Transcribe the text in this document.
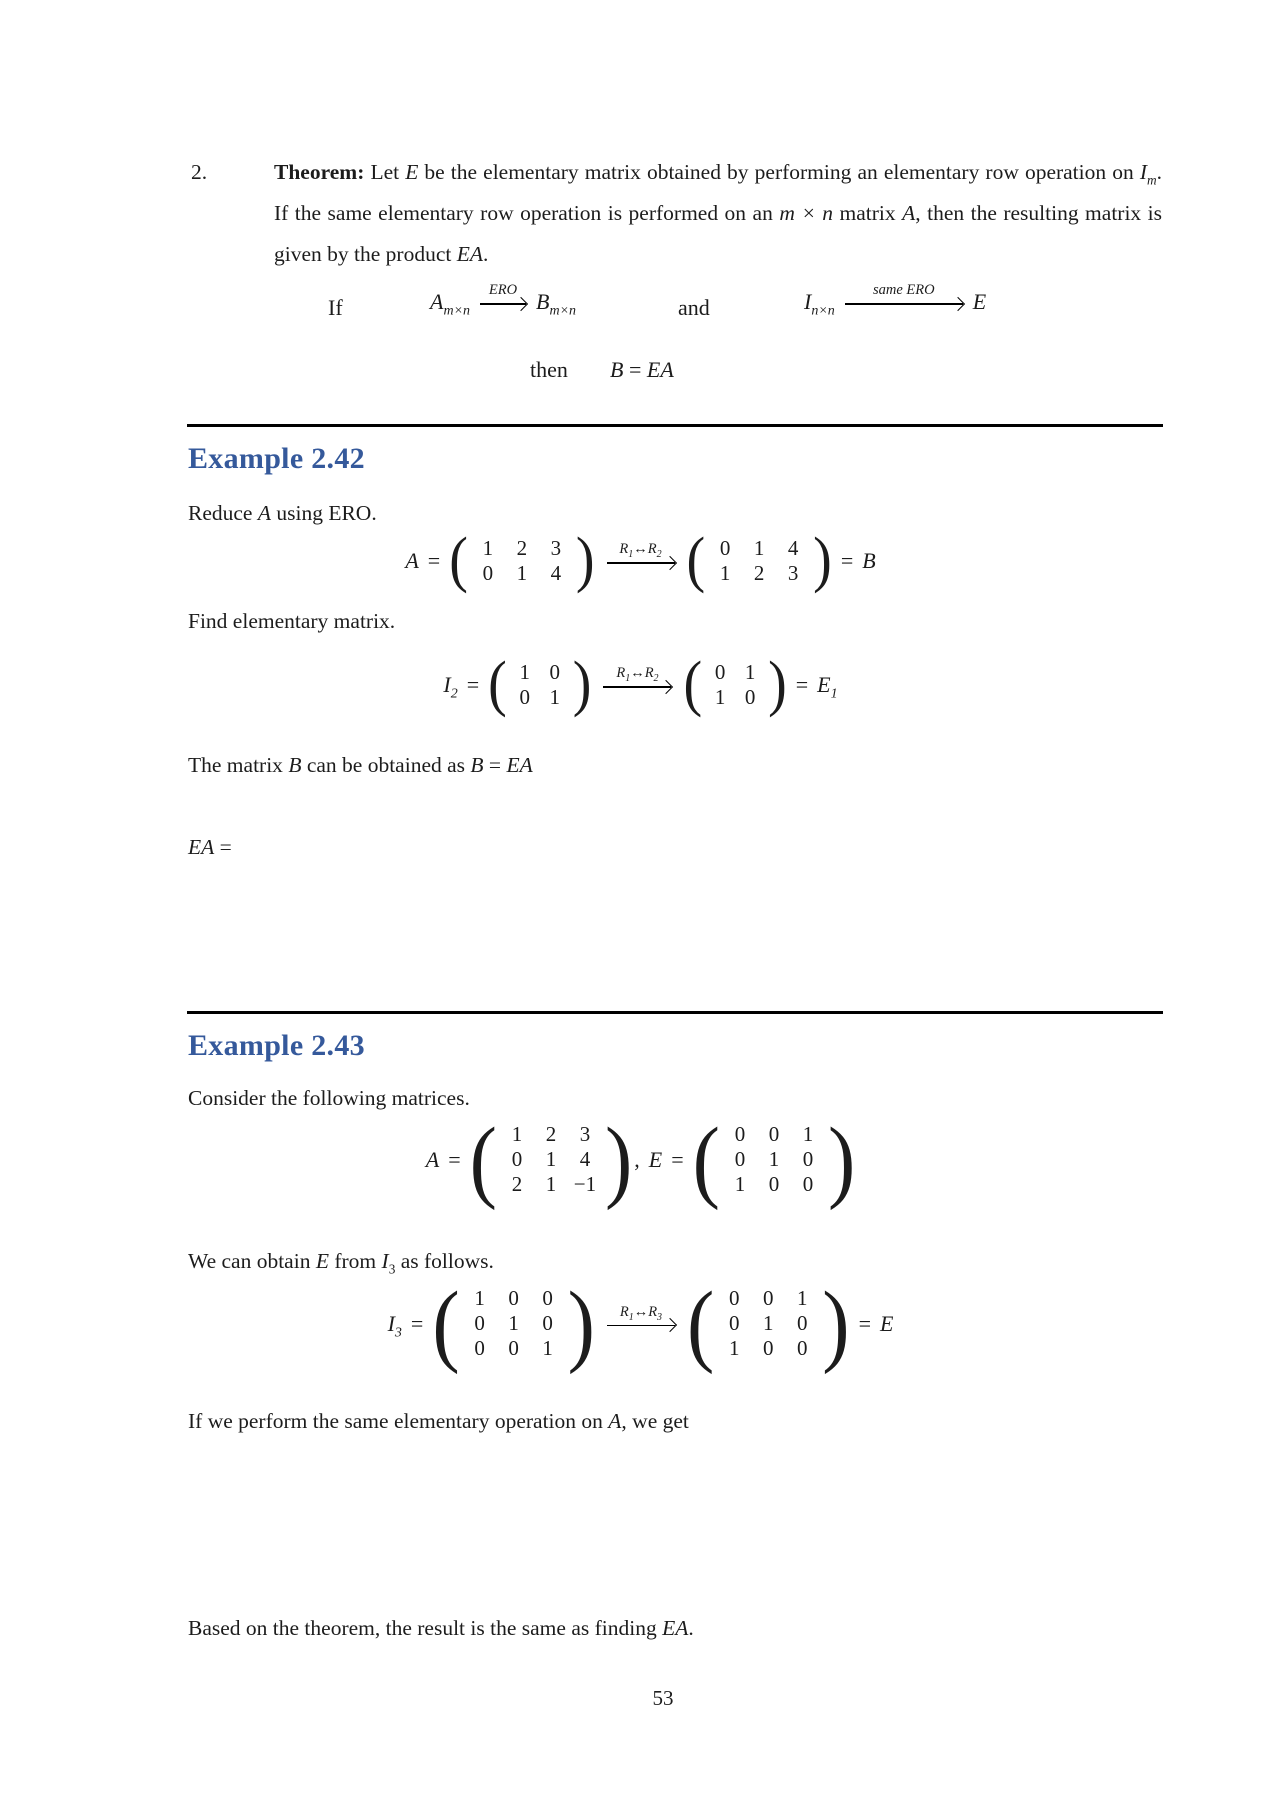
2.	Theorem: Let E be the elementary matrix obtained by performing an elementary row operation on $I_m$. If the same elementary row operation is performed on an m × n matrix A, then the resulting matrix is given by the product EA.
If	$A_{m\times n}$
ERO $B_{m\times n}$	and	$I_{n\times n}$
same ERO E
then B = EA
Example 2.42
Reduce A using ERO.
A = (	1	2	3
0	1	4
)
$R_1\leftrightarrow R_2$ (	0	1	4
1	2	3 )	= B
Find elementary matrix.
$I_2$ = (	1 0
0 1
)
$R_1\leftrightarrow R_2$ (	0 1
1 0 )	= $E_1$
The matrix B can be obtained as B = EA
EA =
Example 2.43
Consider the following matrices.
A =
(
1	2	3
0	1	4
2	1 −1
)
, E =
(
0	0	1
0	1	0
1	0	0
)
We can obtain E from $I_3$ as follows.
$I_3$ =
(
1	0	0
0	1	0
0	0	1
)
$R_1\leftrightarrow R_3$
(
0	0	1
0	1	0
1	0	0
)
= E
If we perform the same elementary operation on A, we get
Based on the theorem, the result is the same as finding EA.
53
